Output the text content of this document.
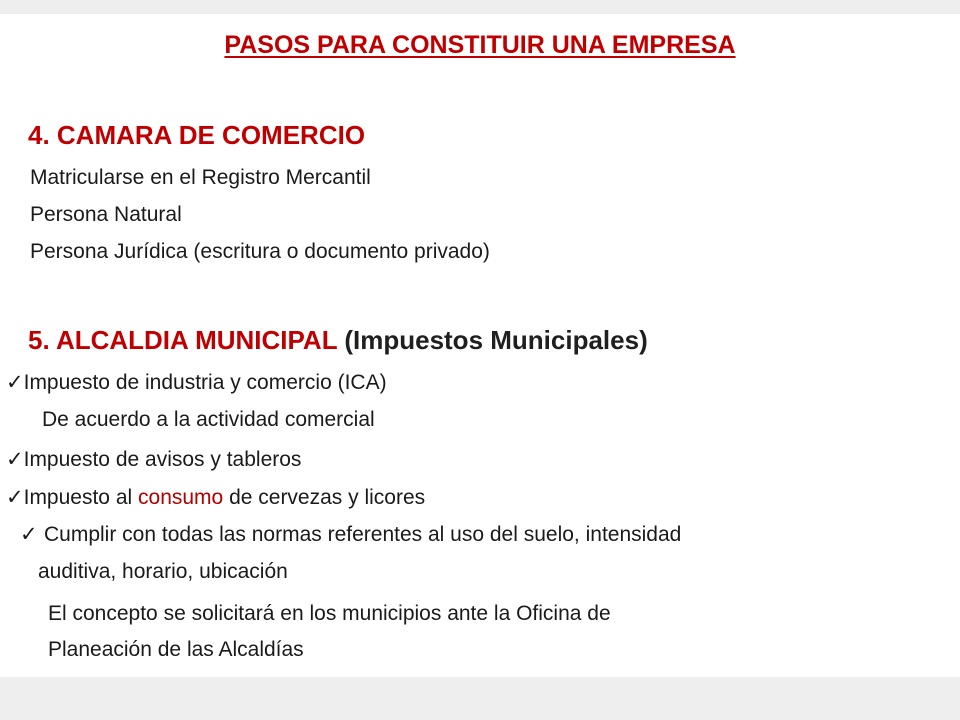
PASOS PARA CONSTITUIR UNA EMPRESA
4. CAMARA DE COMERCIO
Matricularse en el Registro Mercantil
Persona Natural
Persona Jurídica (escritura o documento privado)
5. ALCALDIA MUNICIPAL (Impuestos Municipales)
✓Impuesto de industria y comercio (ICA)
De acuerdo a la actividad comercial
✓Impuesto de avisos y tableros
✓Impuesto al consumo de cervezas y licores
✓ Cumplir con todas las normas referentes al uso del suelo, intensidad
auditiva, horario, ubicación
El concepto se solicitará en los municipios ante la Oficina de
Planeación de las Alcaldías
